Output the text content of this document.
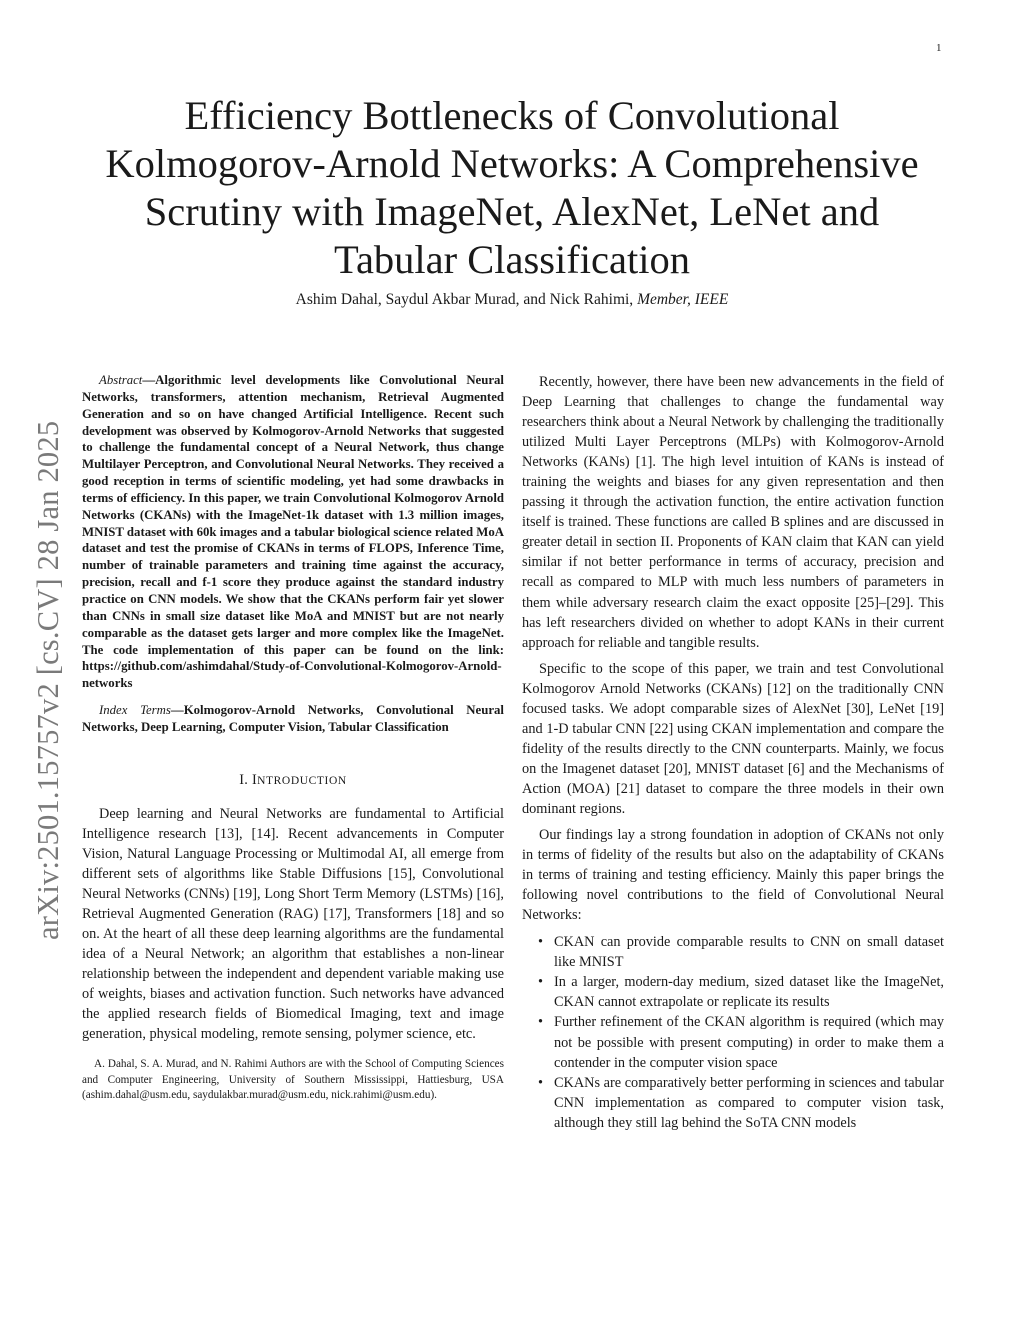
1
arXiv:2501.15757v2 [cs.CV] 28 Jan 2025
Efficiency Bottlenecks of Convolutional
Kolmogorov-Arnold Networks: A Comprehensive
Scrutiny with ImageNet, AlexNet, LeNet and
Tabular Classification
Ashim Dahal, Saydul Akbar Murad, and Nick Rahimi, Member, IEEE

Abstract—Algorithmic level developments like Convolutional Neural Networks, transformers, attention mechanism, Retrieval Augmented Generation and so on have changed Artificial Intelligence. Recent such development was observed by Kolmogorov-Arnold Networks that suggested to challenge the fundamental concept of a Neural Network, thus change Multilayer Perceptron, and Convolutional Neural Networks. They received a good reception in terms of scientific modeling, yet had some drawbacks in terms of efficiency. In this paper, we train Convolutional Kolmogorov Arnold Networks (CKANs) with the ImageNet-1k dataset with 1.3 million images, MNIST dataset with 60k images and a tabular biological science related MoA dataset and test the promise of CKANs in terms of FLOPS, Inference Time, number of trainable parameters and training time against the accuracy, precision, recall and f-1 score they produce against the standard industry practice on CNN models. We show that the CKANs perform fair yet slower than CNNs in small size dataset like MoA and MNIST but are not nearly comparable as the dataset gets larger and more complex like the ImageNet. The code implementation of this paper can be found on the link: https://github.com/ashimdahal/Study-of-Convolutional-Kolmogorov-Arnold-networks

Index Terms—Kolmogorov-Arnold Networks, Convolutional Neural Networks, Deep Learning, Computer Vision, Tabular Classification

I. INTRODUCTION

Deep learning and Neural Networks are fundamental to Artificial Intelligence research [13], [14]. Recent advancements in Computer Vision, Natural Language Processing or Multimodal AI, all emerge from different sets of algorithms like Stable Diffusions [15], Convolutional Neural Networks (CNNs) [19], Long Short Term Memory (LSTMs) [16], Retrieval Augmented Generation (RAG) [17], Transformers [18] and so on. At the heart of all these deep learning algorithms are the fundamental idea of a Neural Network; an algorithm that establishes a non-linear relationship between the independent and dependent variable making use of weights, biases and activation function. Such networks have advanced the applied research fields of Biomedical Imaging, text and image generation, physical modeling, remote sensing, polymer science, etc.

A. Dahal, S. A. Murad, and N. Rahimi Authors are with the School of Computing Sciences and Computer Engineering, University of Southern Mississippi, Hattiesburg, USA (ashim.dahal@usm.edu, saydulakbar.murad@usm.edu, nick.rahimi@usm.edu).

Recently, however, there have been new advancements in the field of Deep Learning that challenges to change the fundamental way researchers think about a Neural Network by challenging the traditionally utilized Multi Layer Perceptrons (MLPs) with Kolmogorov-Arnold Networks (KANs) [1]. The high level intuition of KANs is instead of training the weights and biases for any given representation and then passing it through the activation function, the entire activation function itself is trained. These functions are called B splines and are discussed in greater detail in section II. Proponents of KAN claim that KAN can yield similar if not better performance in terms of accuracy, precision and recall as compared to MLP with much less numbers of parameters in them while adversary research claim the exact opposite [25]–[29]. This has left researchers divided on whether to adopt KANs in their current approach for reliable and tangible results.

Specific to the scope of this paper, we train and test Convolutional Kolmogorov Arnold Networks (CKANs) [12] on the traditionally CNN focused tasks. We adopt comparable sizes of AlexNet [30], LeNet [19] and 1-D tabular CNN [22] using CKAN implementation and compare the fidelity of the results directly to the CNN counterparts. Mainly, we focus on the Imagenet dataset [20], MNIST dataset [6] and the Mechanisms of Action (MOA) [21] dataset to compare the three models in their own dominant regions.

Our findings lay a strong foundation in adoption of CKANs not only in terms of fidelity of the results but also on the adaptability of CKANs in terms of training and testing efficiency. Mainly this paper brings the following novel contributions to the field of Convolutional Neural Networks:

• CKAN can provide comparable results to CNN on small dataset like MNIST
• In a larger, modern-day medium, sized dataset like the ImageNet, CKAN cannot extrapolate or replicate its results
• Further refinement of the CKAN algorithm is required (which may not be possible with present computing) in order to make them a contender in the computer vision space
• CKANs are comparatively better performing in sciences and tabular CNN implementation as compared to computer vision task, although they still lag behind the SoTA CNN models
